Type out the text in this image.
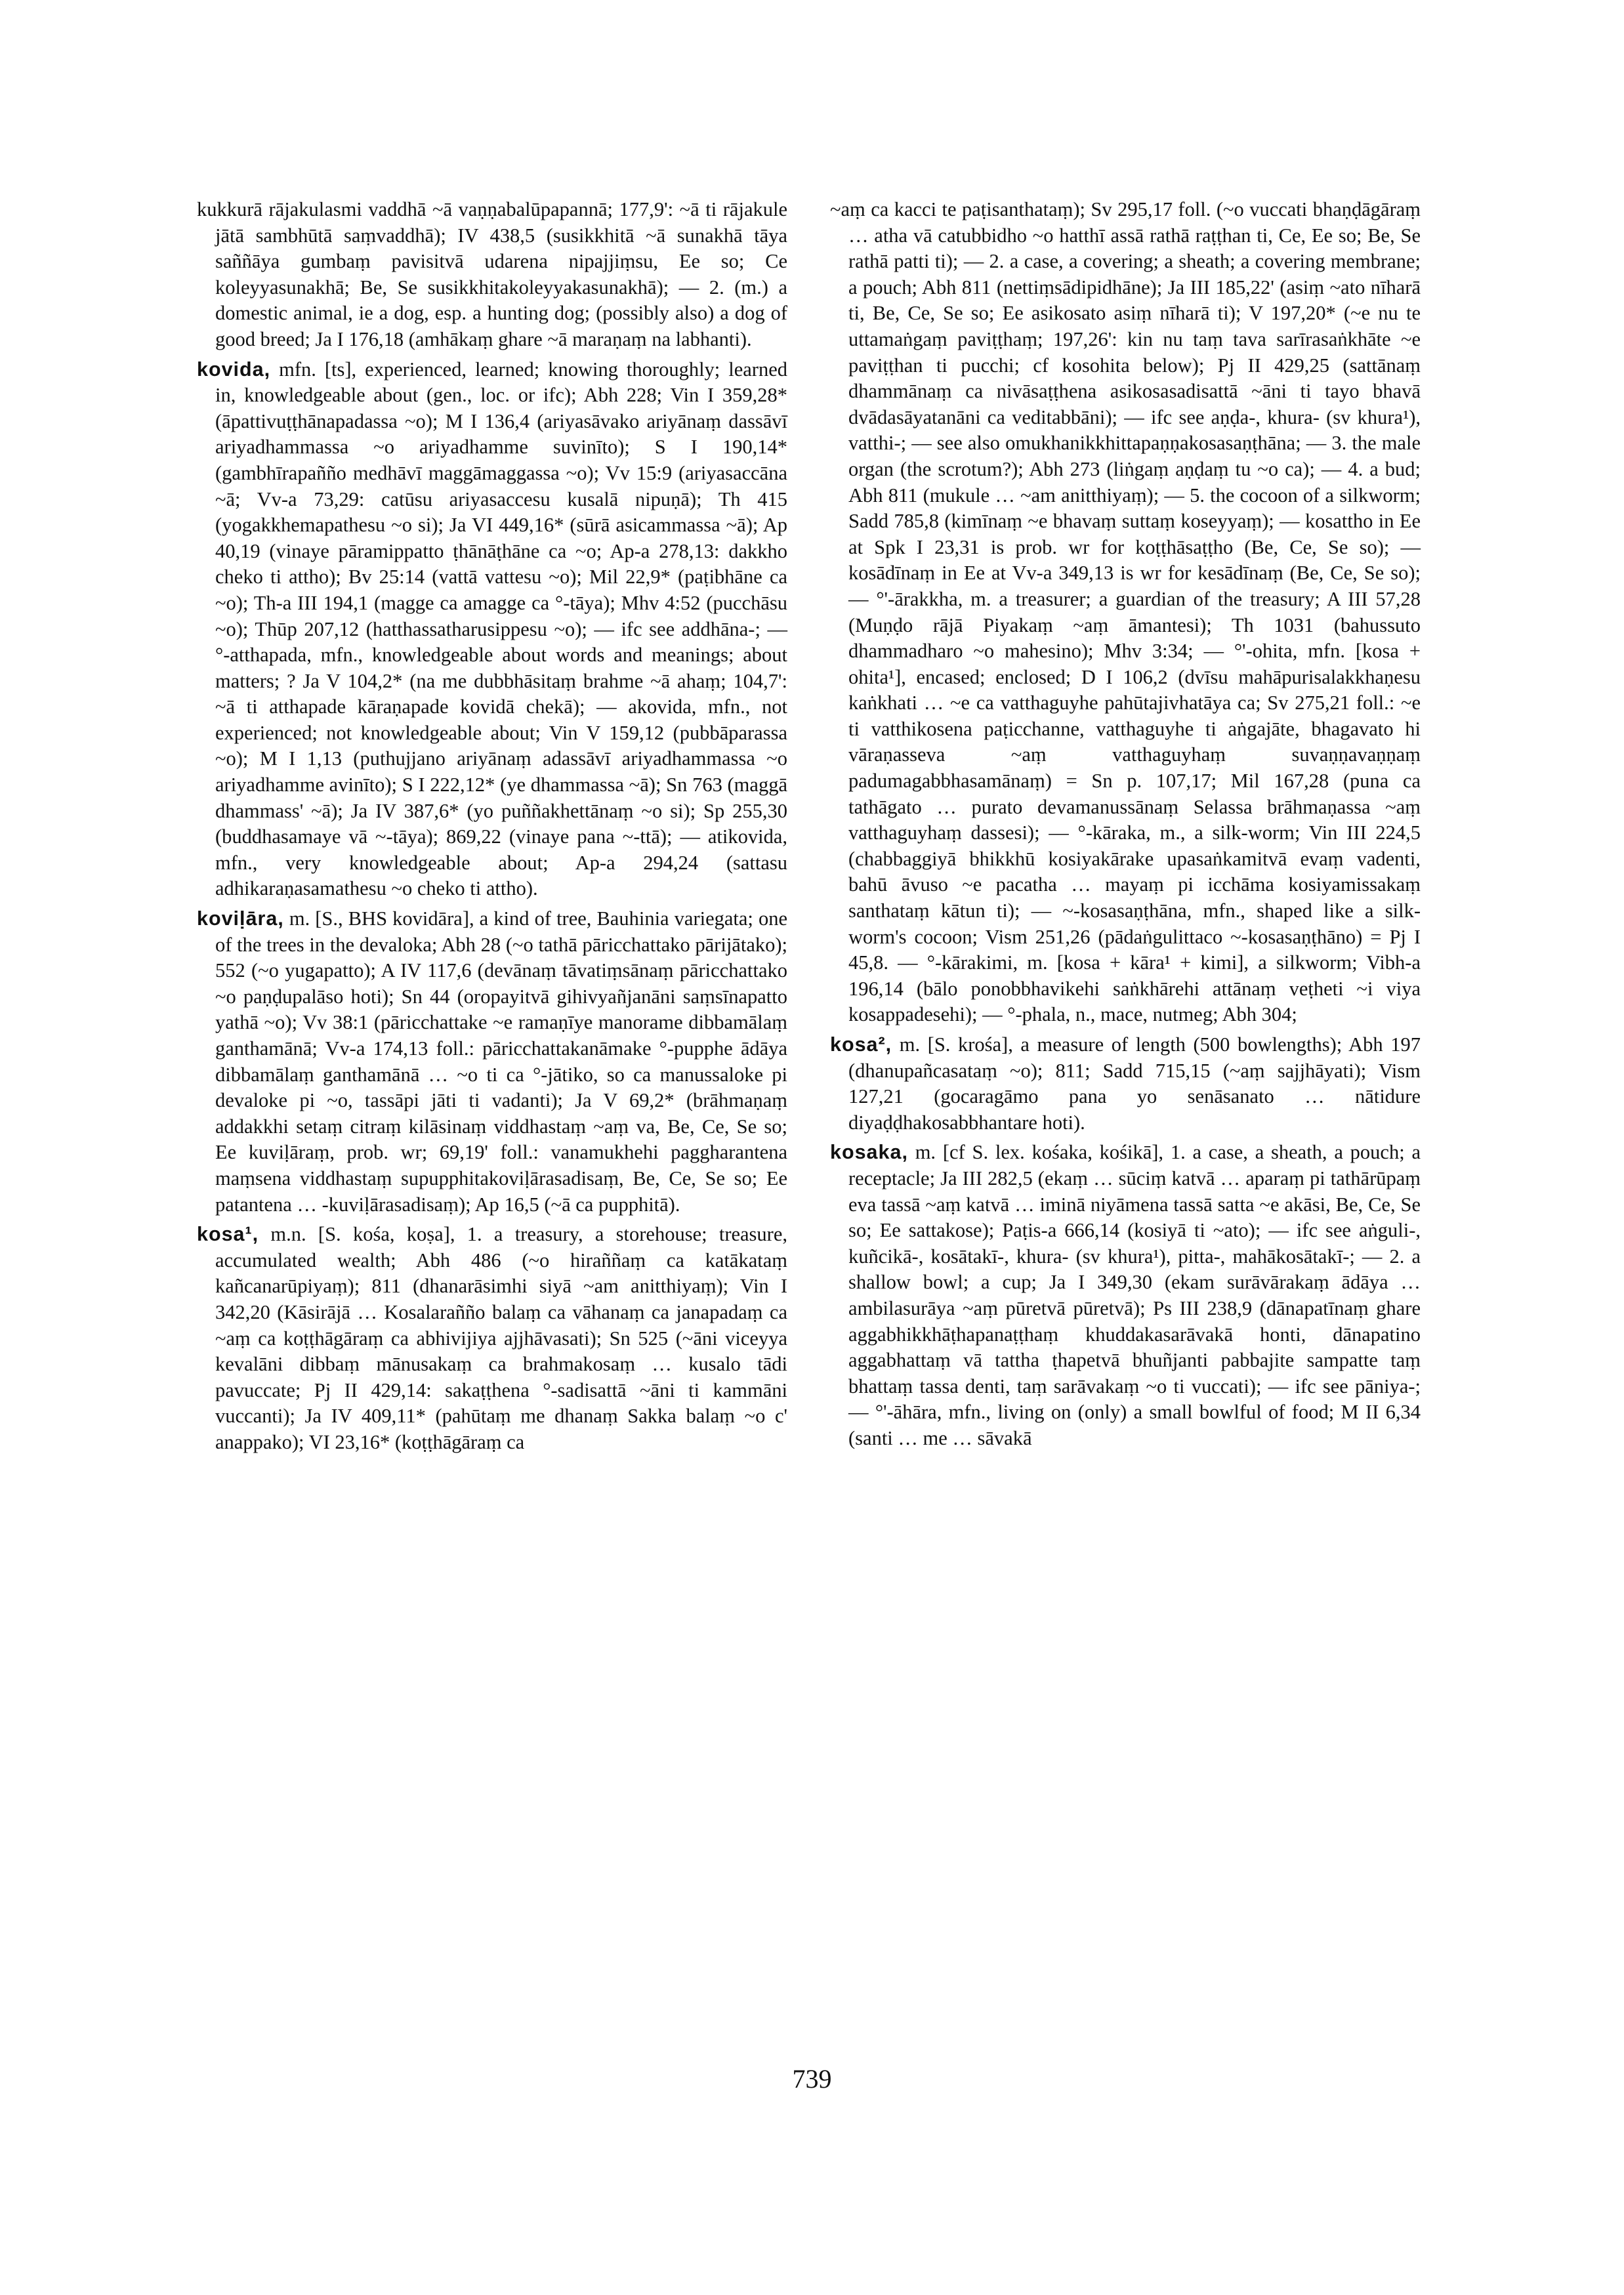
kukkurā rājakulasmi vaddhā ~ā vaṇṇabalūpapannā; 177,9': ~ā ti rājakule jātā sambhūtā saṃvaddhā); IV 438,5 (susikkhitā ~ā sunakhā tāya saññāya gumbaṃ pavisitvā udarena nipajjiṃsu, Ee so; Ce koleyyasunakhā; Be, Se susikkhitakoleyyakasunakhā); — 2. (m.) a domestic animal, ie a dog, esp. a hunting dog; (possibly also) a dog of good breed; Ja I 176,18 (amhākaṃ ghare ~ā maraṇaṃ na labhanti).

kovida, mfn. [ts], experienced, learned; knowing thoroughly; learned in, knowledgeable about (gen., loc. or ifc); Abh 228; Vin I 359,28* (āpattivuṭṭhānapadassa ~o); M I 136,4 (ariyasāvako ariyānaṃ dassāvī ariyadhammassa ~o ariyadhamme suvinīto); S I 190,14* (gambhīrapañño medhāvī maggāmaggassa ~o); Vv 15:9 (ariyasaccāna ~ā; Vv-a 73,29: catūsu ariyasaccesu kusalā nipuṇā); Th 415 (yogakkhemapathesu ~o si); Ja VI 449,16* (sūrā asicammassa ~ā); Ap 40,19 (vinaye pāramippatto ṭhānāṭhāne ca ~o; Ap-a 278,13: dakkho cheko ti attho); Bv 25:14 (vattā vattesu ~o); Mil 22,9* (paṭibhāne ca ~o); Th-a III 194,1 (magge ca amagge ca °-tāya); Mhv 4:52 (pucchāsu ~o); Thūp 207,12 (hatthassatharusippesu ~o); — ifc see addhāna-; — °-atthapada, mfn., knowledgeable about words and meanings; about matters; ? Ja V 104,2* (na me dubbhāsitaṃ brahme ~ā ahaṃ; 104,7': ~ā ti atthapade kāraṇapade kovidā chekā); — akovida, mfn., not experienced; not knowledgeable about; Vin V 159,12 (pubbāparassa ~o); M I 1,13 (puthujjano ariyānaṃ adassāvī ariyadhammassa ~o ariyadhamme avinīto); S I 222,12* (ye dhammassa ~ā); Sn 763 (maggā dhammass' ~ā); Ja IV 387,6* (yo puññakhettānaṃ ~o si); Sp 255,30 (buddhasamaye vā ~-tāya); 869,22 (vinaye pana ~-ttā); — atikovida, mfn., very knowledgeable about; Ap-a 294,24 (sattasu adhikaraṇasamathesu ~o cheko ti attho).

koviḷāra, m. [S., BHS kovidāra], a kind of tree, Bauhinia variegata; one of the trees in the devaloka; Abh 28 (~o tathā pāricchattako pārijātako); 552 (~o yugapatto); A IV 117,6 (devānaṃ tāvatiṃsānaṃ pāricchattako ~o paṇḍupalāso hoti); Sn 44 (oropayitvā gihivyañjanāni saṃsīnapatto yathā ~o); Vv 38:1 (pāricchattake ~e ramaṇīye manorame dibbamālaṃ ganthamānā; Vv-a 174,13 foll.: pāricchattakanāmake °-pupphe ādāya dibbamālaṃ ganthamānā … ~o ti ca °-jātiko, so ca manussaloke pi devaloke pi ~o, tassāpi jāti ti vadanti); Ja V 69,2* (brāhmaṇaṃ addakkhi setaṃ citraṃ kilāsinaṃ viddhastaṃ ~aṃ va, Be, Ce, Se so; Ee kuviḷāraṃ, prob. wr; 69,19' foll.: vanamukhehi paggharantena maṃsena viddhastaṃ supupphitakoviḷārasadisaṃ, Be, Ce, Se so; Ee patantena … -kuviḷārasadisaṃ); Ap 16,5 (~ā ca pupphitā).

kosa¹, m.n. [S. kośa, koṣa], 1. a treasury, a storehouse; treasure, accumulated wealth; Abh 486 (~o hiraññaṃ ca katākataṃ kañcanarūpiyaṃ); 811 (dhanarāsimhi siyā ~am anitthiyaṃ); Vin I 342,20 (Kāsirājā … Kosalarañño balaṃ ca vāhanaṃ ca janapadaṃ ca ~aṃ ca koṭṭhāgāraṃ ca abhivijiya ajjhāvasati); Sn 525 (~āni viceyya kevalāni dibbaṃ mānusakaṃ ca brahmakosaṃ … kusalo tādi pavuccate; Pj II 429,14: sakaṭṭhena °-sadisattā ~āni ti kammāni vuccanti); Ja IV 409,11* (pahūtaṃ me dhanaṃ Sakka balaṃ ~o c' anappako); VI 23,16* (koṭṭhāgāraṃ ca

~aṃ ca kacci te paṭisanthataṃ); Sv 295,17 foll. (~o vuccati bhaṇḍāgāraṃ … atha vā catubbidho ~o hatthī assā rathā raṭṭhan ti, Ce, Ee so; Be, Se rathā patti ti); — 2. a case, a covering; a sheath; a covering membrane; a pouch; Abh 811 (nettiṃsādipidhāne); Ja III 185,22' (asiṃ ~ato nīharā ti, Be, Ce, Se so; Ee asikosato asiṃ nīharā ti); V 197,20* (~e nu te uttamaṅgaṃ paviṭṭhaṃ; 197,26': kin nu taṃ tava sarīrasaṅkhāte ~e paviṭṭhan ti pucchi; cf kosohita below); Pj II 429,25 (sattānaṃ dhammānaṃ ca nivāsaṭṭhena asikosasadisattā ~āni ti tayo bhavā dvādasāyatanāni ca veditabbāni); — ifc see aṇḍa-, khura- (sv khura¹), vatthi-; — see also omukhanikkhittapaṇṇakosasaṇṭhāna; — 3. the male organ (the scrotum?); Abh 273 (liṅgaṃ aṇḍaṃ tu ~o ca); — 4. a bud; Abh 811 (mukule … ~am anitthiyaṃ); — 5. the cocoon of a silkworm; Sadd 785,8 (kimīnaṃ ~e bhavaṃ suttaṃ koseyyaṃ); — kosattho in Ee at Spk I 23,31 is prob. wr for koṭṭhāsaṭṭho (Be, Ce, Se so); — kosādīnaṃ in Ee at Vv-a 349,13 is wr for kesādīnaṃ (Be, Ce, Se so); — °'-ārakkha, m. a treasurer; a guardian of the treasury; A III 57,28 (Muṇḍo rājā Piyakaṃ ~aṃ āmantesi); Th 1031 (bahussuto dhammadharo ~o mahesino); Mhv 3:34; — °'-ohita, mfn. [kosa + ohita¹], encased; enclosed; D I 106,2 (dvīsu mahāpurisalakkhaṇesu kaṅkhati … ~e ca vatthaguyhe pahūtajivhatāya ca; Sv 275,21 foll.: ~e ti vatthikosena paṭicchanne, vatthaguyhe ti aṅgajāte, bhagavato hi vāraṇasseva ~aṃ vatthaguyhaṃ suvaṇṇavaṇṇaṃ padumagabbhasamānaṃ) = Sn p. 107,17; Mil 167,28 (puna ca tathāgato … purato devamanussānaṃ Selassa brāhmaṇassa ~aṃ vatthaguyhaṃ dassesi); — °-kāraka, m., a silk-worm; Vin III 224,5 (chabbaggiyā bhikkhū kosiyakārake upasaṅkamitvā evaṃ vadenti, bahū āvuso ~e pacatha … mayaṃ pi icchāma kosiyamissakaṃ santhataṃ kātun ti); — ~-kosasaṇṭhāna, mfn., shaped like a silk-worm's cocoon; Vism 251,26 (pādaṅgulittaco ~-kosasaṇṭhāno) = Pj I 45,8. — °-kārakimi, m. [kosa + kāra¹ + kimi], a silkworm; Vibh-a 196,14 (bālo ponobbhavikehi saṅkhārehi attānaṃ veṭheti ~i viya kosappadesehi); — °-phala, n., mace, nutmeg; Abh 304;

kosa², m. [S. krośa], a measure of length (500 bowlengths); Abh 197 (dhanupañcasataṃ ~o); 811; Sadd 715,15 (~aṃ sajjhāyati); Vism 127,21 (gocaragāmo pana yo senāsanato … nātidure diyaḍḍhakosabbhantare hoti).

kosaka, m. [cf S. lex. kośaka, kośikā], 1. a case, a sheath, a pouch; a receptacle; Ja III 282,5 (ekaṃ … sūciṃ katvā … aparaṃ pi tathārūpaṃ eva tassā ~aṃ katvā … iminā niyāmena tassā satta ~e akāsi, Be, Ce, Se so; Ee sattakose); Paṭis-a 666,14 (kosiyā ti ~ato); — ifc see aṅguli-, kuñcikā-, kosātakī-, khura- (sv khura¹), pitta-, mahākosātakī-; — 2. a shallow bowl; a cup; Ja I 349,30 (ekam surāvārakaṃ ādāya … ambilasurāya ~aṃ pūretvā pūretvā); Ps III 238,9 (dānapatīnaṃ ghare aggabhikkhāṭhapanaṭṭhaṃ khuddakasarāvakā honti, dānapatino aggabhattaṃ vā tattha ṭhapetvā bhuñjanti pabbajite sampatte taṃ bhattaṃ tassa denti, taṃ sarāvakaṃ ~o ti vuccati); — ifc see pāniya-; — °'-āhāra, mfn., living on (only) a small bowlful of food; M II 6,34 (santi … me … sāvakā

739
